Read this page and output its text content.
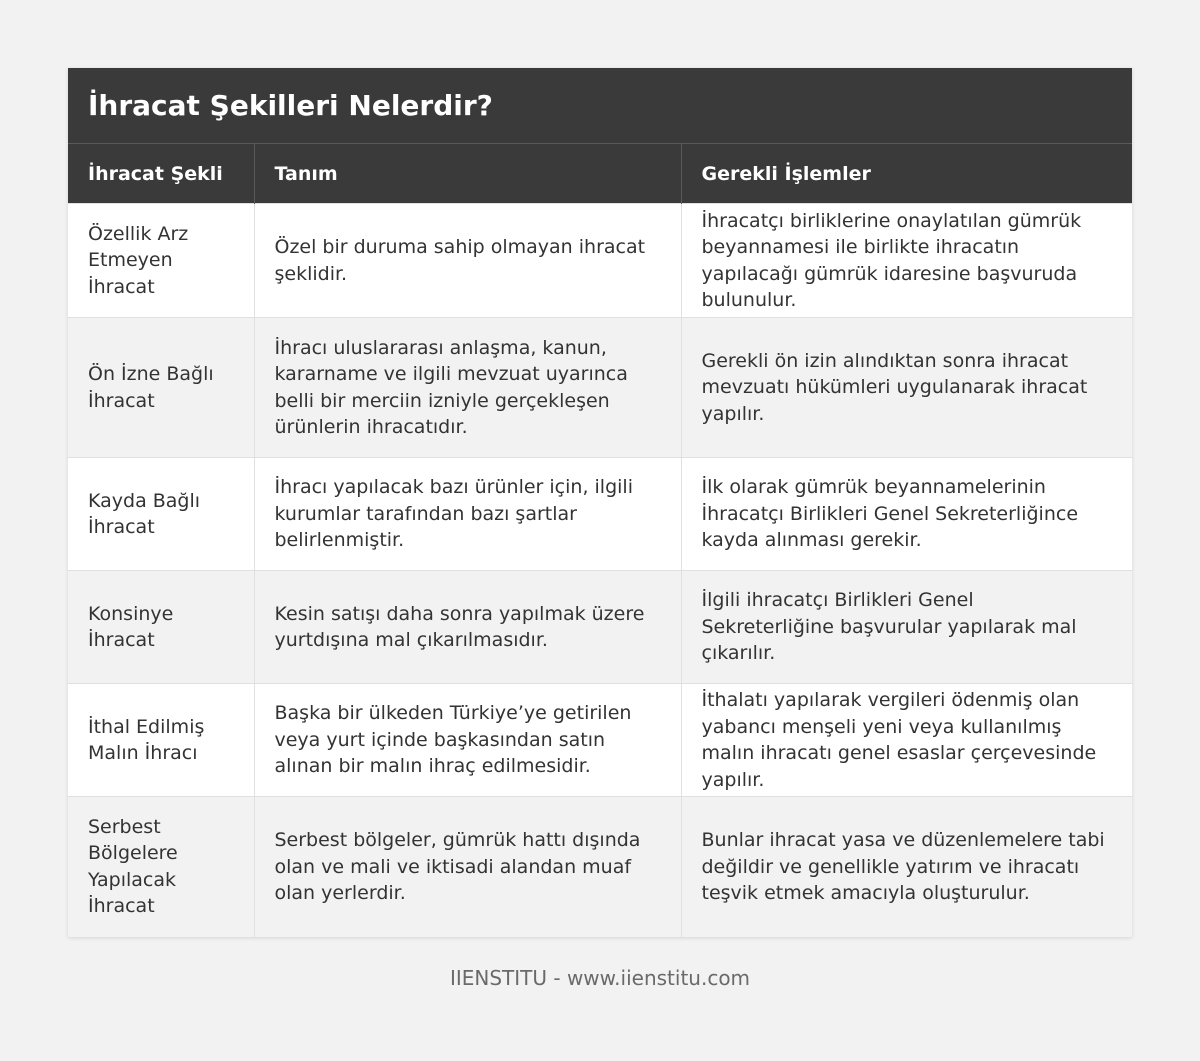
İhracat Şekilleri Nelerdir?
İhracat Şekli	Tanım	Gerekli İşlemler
Özellik Arz Etmeyen İhracat	Özel bir duruma sahip olmayan ihracat şeklidir.	İhracatçı birliklerine onaylatılan gümrük beyannamesi ile birlikte ihracatın yapılacağı gümrük idaresine başvuruda bulunulur.
Ön İzne Bağlı İhracat	İhracı uluslararası anlaşma, kanun, kararname ve ilgili mevzuat uyarınca belli bir merciin izniyle gerçekleşen ürünlerin ihracatıdır.	Gerekli ön izin alındıktan sonra ihracat mevzuatı hükümleri uygulanarak ihracat yapılır.
Kayda Bağlı İhracat	İhracı yapılacak bazı ürünler için, ilgili kurumlar tarafından bazı şartlar belirlenmiştir.	İlk olarak gümrük beyannamelerinin İhracatçı Birlikleri Genel Sekreterliğince kayda alınması gerekir.
Konsinye İhracat	Kesin satışı daha sonra yapılmak üzere yurtdışına mal çıkarılmasıdır.	İlgi̇li̇ i̇hracatçı Bi̇rli̇kleri̇ Genel Sekreterli̇ği̇ne başvurular yapılarak mal çıkarılır.
İthal Edilmiş Malın İhracı	Başka bir ülkeden Türkiye’ye getirilen veya yurt içinde başkasından satın alınan bir malın ihraç edilmesidir.	İthalatı yapılarak vergileri ödenmiş olan yabancı menşeli yeni veya kullanılmış malın ihracatı genel esaslar çerçevesinde yapılır.
Serbest Bölgelere Yapılacak İhracat	Serbest bölgeler, gümrük hattı dışında olan ve mali ve iktisadi alandan muaf olan yerlerdir.	Bunlar ihracat yasa ve düzenlemelere tabi değildir ve genellikle yatırım ve ihracatı teşvik etmek amacıyla oluşturulur.
IIENSTITU - www.iienstitu.com
